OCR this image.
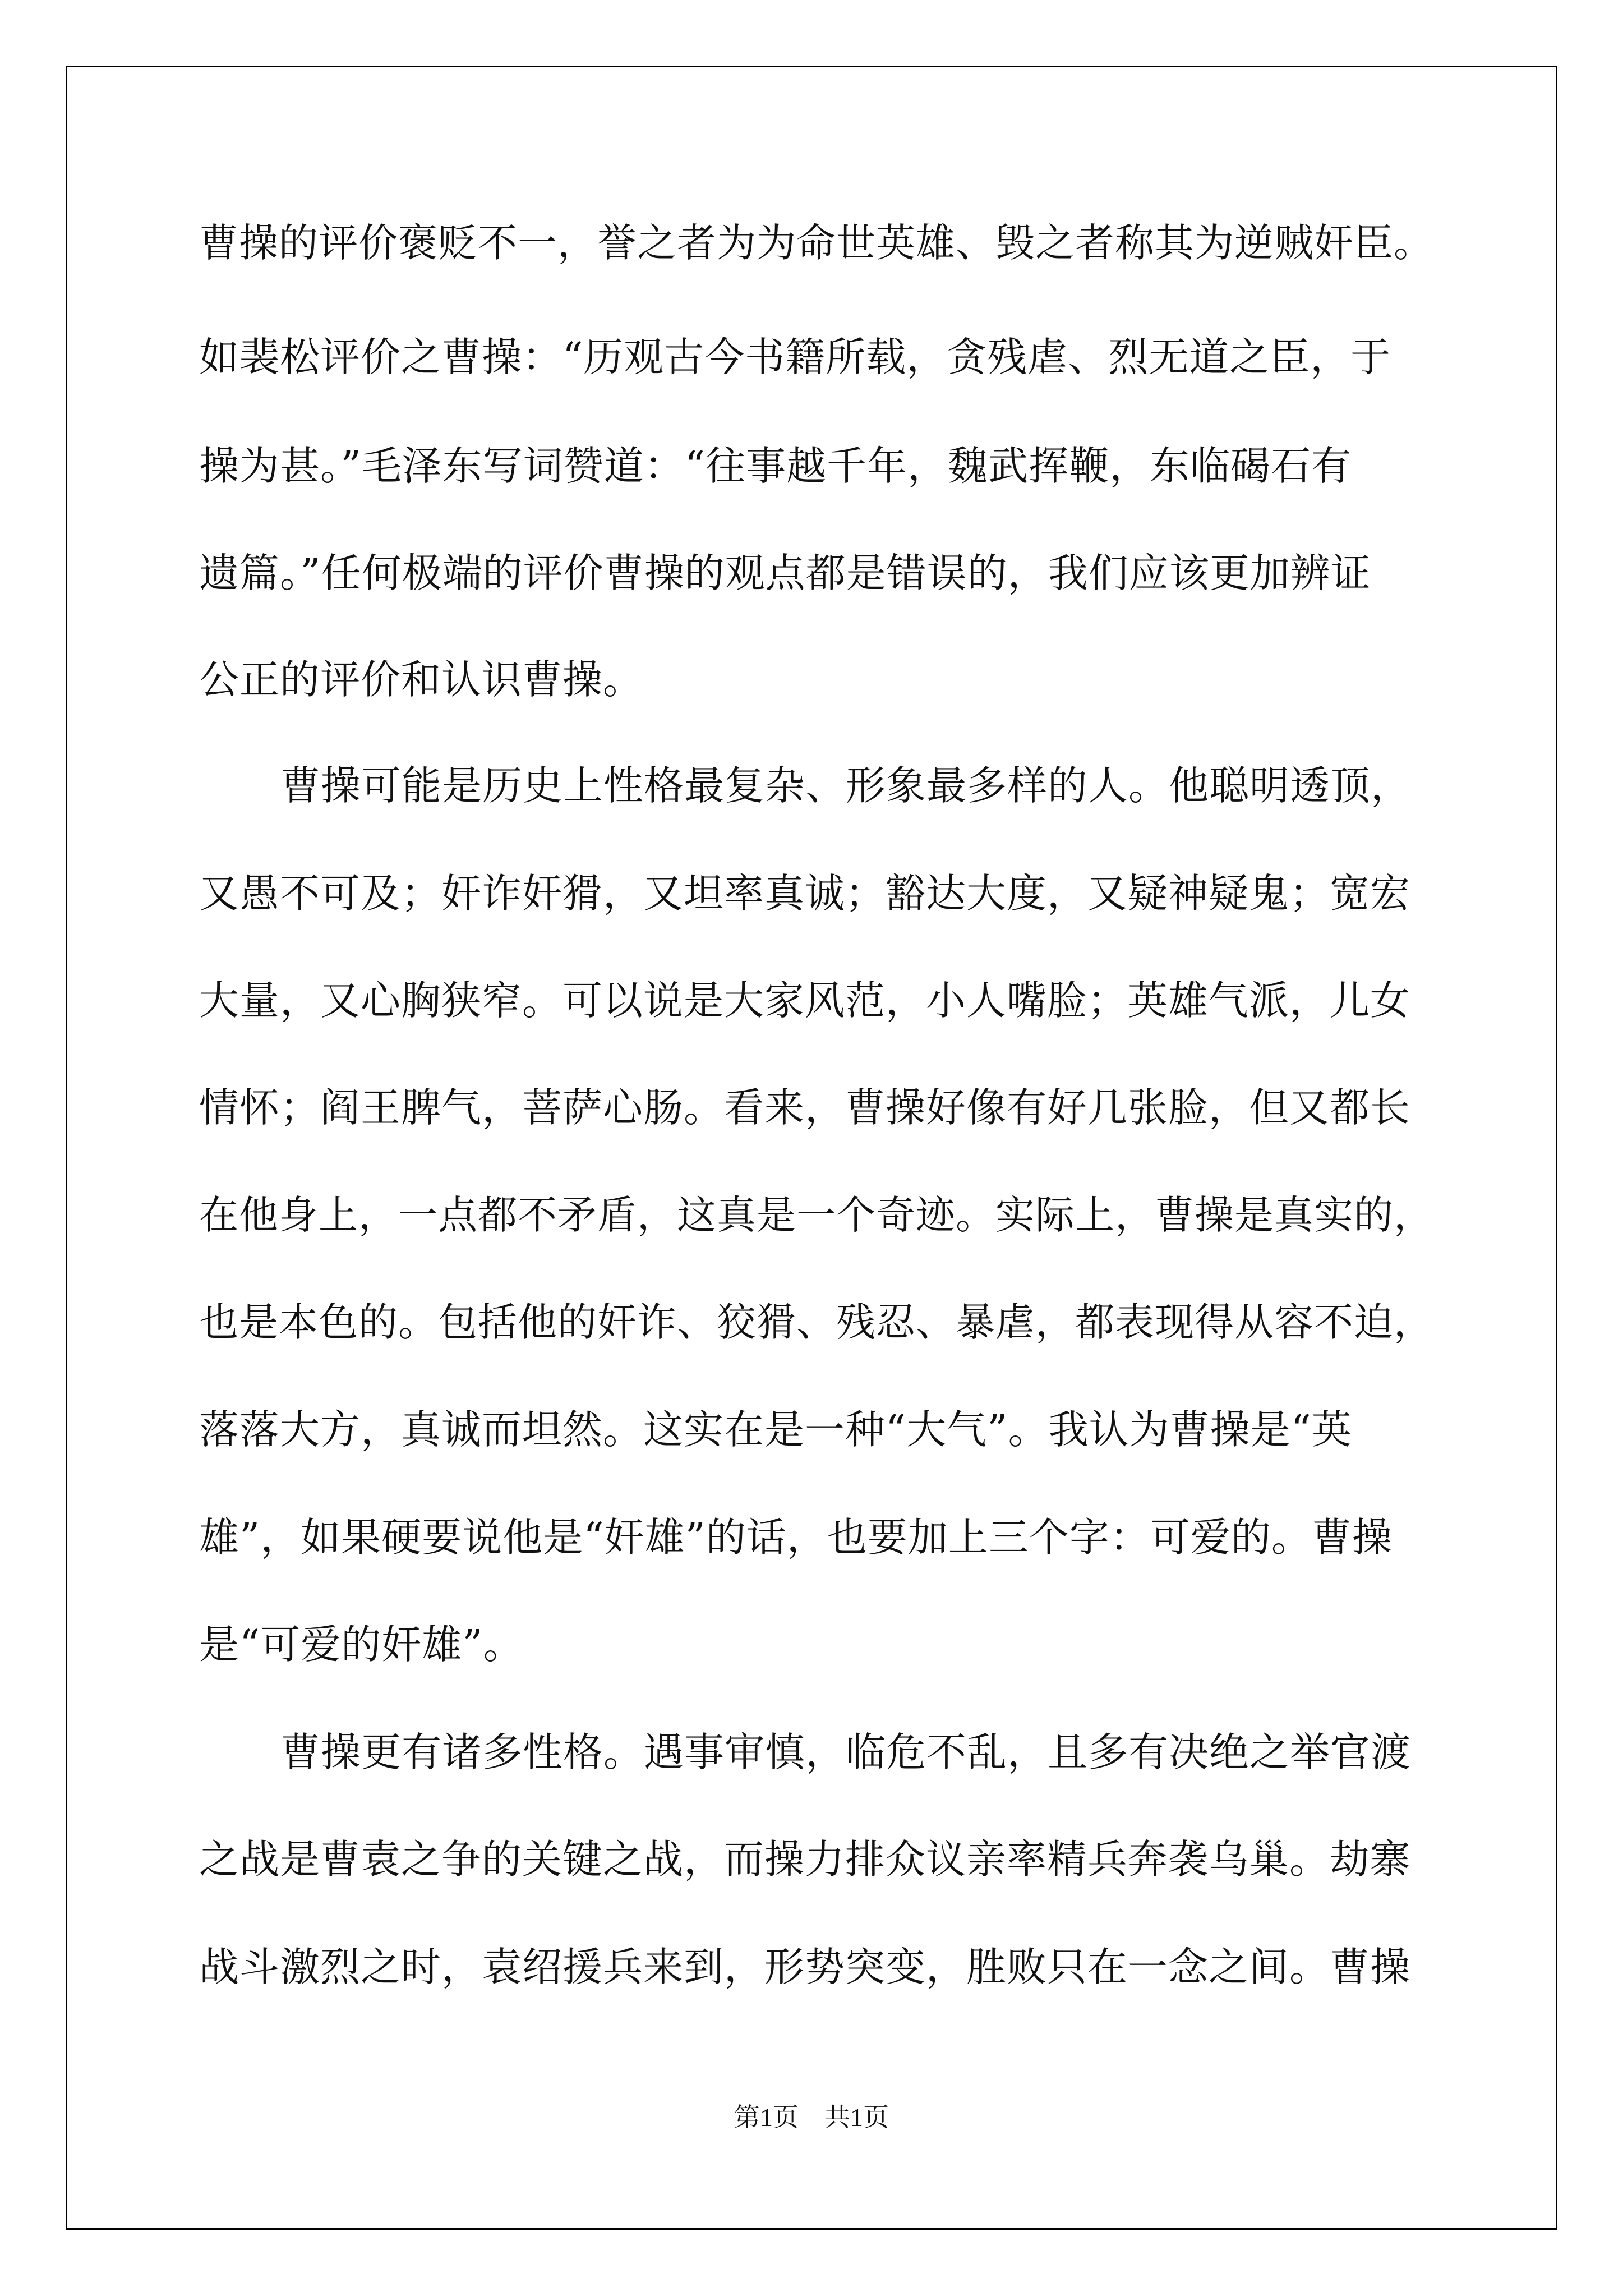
曹操的评价褒贬不一，誉之者为为命世英雄、毁之者称其为逆贼奸臣。
如裴松评价之曹操：“历观古今书籍所载，贪残虐、烈无道之臣，于
操为甚。”毛泽东写词赞道：“往事越千年，魏武挥鞭，东临碣石有
遗篇。”任何极端的评价曹操的观点都是错误的，我们应该更加辨证
公正的评价和认识曹操。
曹操可能是历史上性格最复杂、形象最多样的人。他聪明透顶，
又愚不可及；奸诈奸猾，又坦率真诚；豁达大度，又疑神疑鬼；宽宏
大量，又心胸狭窄。可以说是大家风范，小人嘴脸；英雄气派，儿女
情怀；阎王脾气，菩萨心肠。看来，曹操好像有好几张脸，但又都长
在他身上，一点都不矛盾，这真是一个奇迹。实际上，曹操是真实的，
也是本色的。包括他的奸诈、狡猾、残忍、暴虐，都表现得从容不迫，
落落大方，真诚而坦然。这实在是一种“大气”。我认为曹操是“英
雄”，如果硬要说他是“奸雄”的话，也要加上三个字：可爱的。曹操
是“可爱的奸雄”。
曹操更有诸多性格。遇事审慎，临危不乱，且多有决绝之举官渡
之战是曹袁之争的关键之战，而操力排众议亲率精兵奔袭乌巢。劫寨
战斗激烈之时，袁绍援兵来到，形势突变，胜败只在一念之间。曹操
第1页　共1页
